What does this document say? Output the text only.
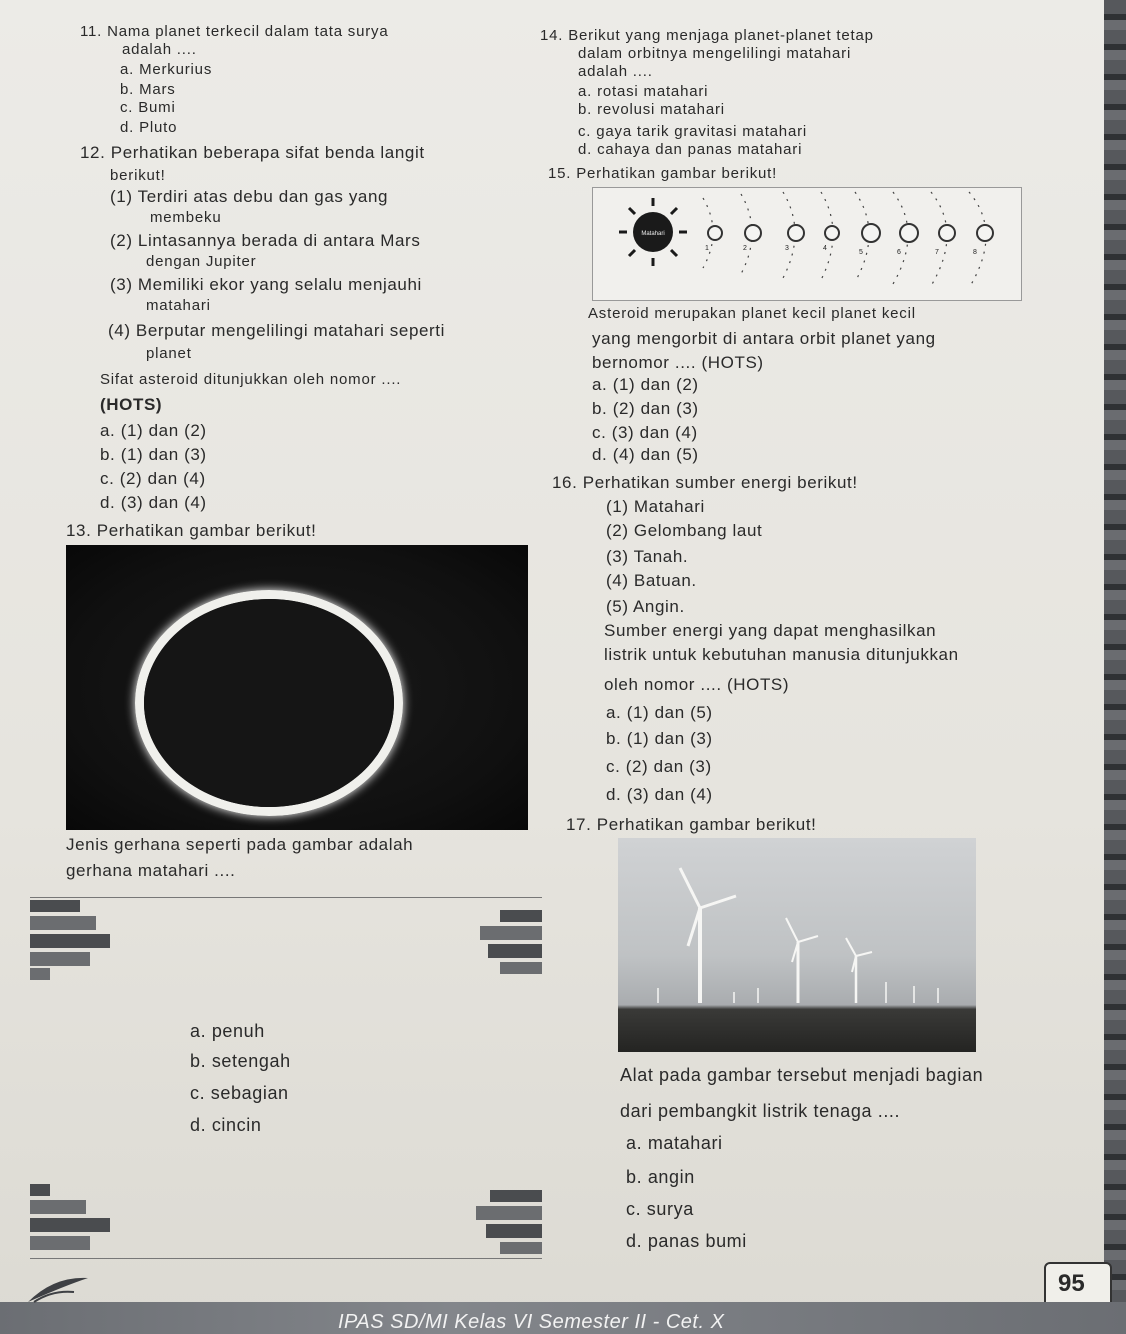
11. Nama planet terkecil dalam tata surya
adalah ....
a. Merkurius
b. Mars
c. Bumi
d. Pluto
12. Perhatikan beberapa sifat benda langit
berikut!
(1) Terdiri atas debu dan gas yang
membeku
(2) Lintasannya berada di antara Mars
dengan Jupiter
(3) Memiliki ekor yang selalu menjauhi
matahari
(4) Berputar mengelilingi matahari seperti
planet
Sifat asteroid ditunjukkan oleh nomor ....
(HOTS)
a. (1) dan (2)
b. (1) dan (3)
c. (2) dan (4)
d. (3) dan (4)
13. Perhatikan gambar berikut!
Jenis gerhana seperti pada gambar adalah
gerhana matahari ....
a. penuh
b. setengah
c. sebagian
d. cincin
14. Berikut yang menjaga planet-planet tetap
dalam orbitnya mengelilingi matahari
adalah ....
a. rotasi matahari
b. revolusi matahari
c. gaya tarik gravitasi matahari
d. cahaya dan panas matahari
15. Perhatikan gambar berikut!
Matahari
1	2	3	4
5	6	7	8
Asteroid merupakan planet kecil planet kecil
yang mengorbit di antara orbit planet yang
bernomor .... (HOTS)
a. (1) dan (2)
b. (2) dan (3)
c. (3) dan (4)
d. (4) dan (5)
16. Perhatikan sumber energi berikut!
(1) Matahari
(2) Gelombang laut
(3) Tanah.
(4) Batuan.
(5) Angin.
Sumber energi yang dapat menghasilkan
listrik untuk kebutuhan manusia ditunjukkan
oleh nomor .... (HOTS)
a. (1) dan (5)
b. (1) dan (3)
c. (2) dan (3)
d. (3) dan (4)
17. Perhatikan gambar berikut!
Alat pada gambar tersebut menjadi bagian
dari pembangkit listrik tenaga ....
a. matahari
b. angin
c. surya
d. panas bumi
95
IPAS SD/MI Kelas VI Semester II - Cet. X
